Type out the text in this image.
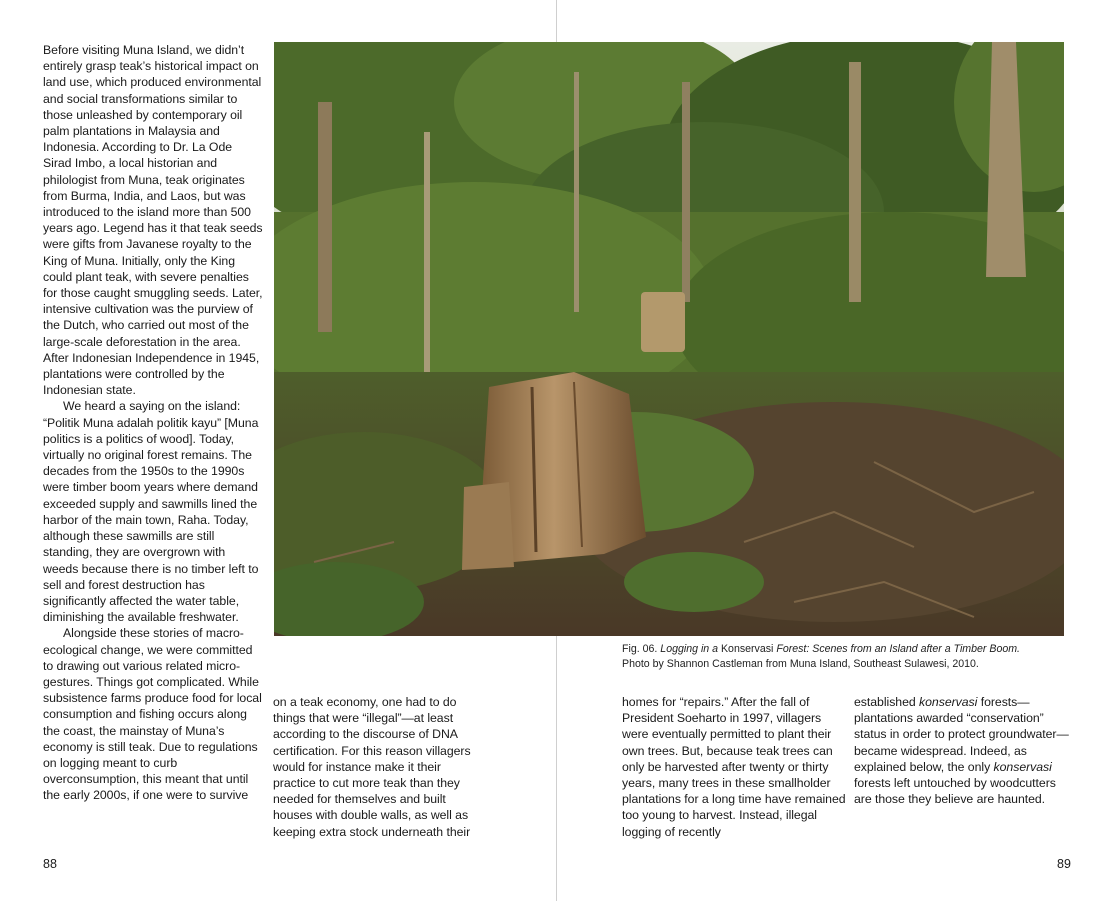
Before visiting Muna Island, we didn’t entirely grasp teak’s historical impact on land use, which produced environmental and social transformations similar to those unleashed by contemporary oil palm plantations in Malaysia and Indonesia. According to Dr. La Ode Sirad Imbo, a local historian and philologist from Muna, teak originates from Burma, India, and Laos, but was introduced to the island more than 500 years ago. Legend has it that teak seeds were gifts from Javanese royalty to the King of Muna. Initially, only the King could plant teak, with severe penalties for those caught smuggling seeds. Later, intensive cultivation was the purview of the Dutch, who carried out most of the large-scale deforestation in the area. After Indonesian Independence in 1945, plantations were controlled by the Indonesian state.

We heard a saying on the island: “Politik Muna adalah politik kayu” [Muna politics is a politics of wood]. Today, virtually no original forest remains. The decades from the 1950s to the 1990s were timber boom years where demand exceeded supply and sawmills lined the harbor of the main town, Raha. Today, although these sawmills are still standing, they are overgrown with weeds because there is no timber left to sell and forest destruction has significantly affected the water table, diminishing the available freshwater.

Alongside these stories of macro-ecological change, we were committed to drawing out various related micro-gestures. Things got complicated. While subsistence farms produce food for local consumption and fishing occurs along the coast, the mainstay of Muna’s economy is still teak. Due to regulations on logging meant to curb overconsumption, this meant that until the early 2000s, if one were to survive

on a teak economy, one had to do things that were “illegal”—at least according to the discourse of DNA certification. For this reason villagers would for instance make it their practice to cut more teak than they needed for themselves and built houses with double walls, as well as keeping extra stock underneath their

Fig. 06. Logging in a Konservasi Forest: Scenes from an Island after a Timber Boom.
Photo by Shannon Castleman from Muna Island, Southeast Sulawesi, 2010.

homes for “repairs.” After the fall of President Soeharto in 1997, villagers were eventually permitted to plant their own trees. But, because teak trees can only be harvested after twenty or thirty years, many trees in these smallholder plantations for a long time have remained too young to harvest. Instead, illegal logging of recently

established konservasi forests—plantations awarded “conservation” status in order to protect groundwater—became widespread. Indeed, as explained below, the only konservasi forests left untouched by woodcutters are those they believe are haunted.

88	89
